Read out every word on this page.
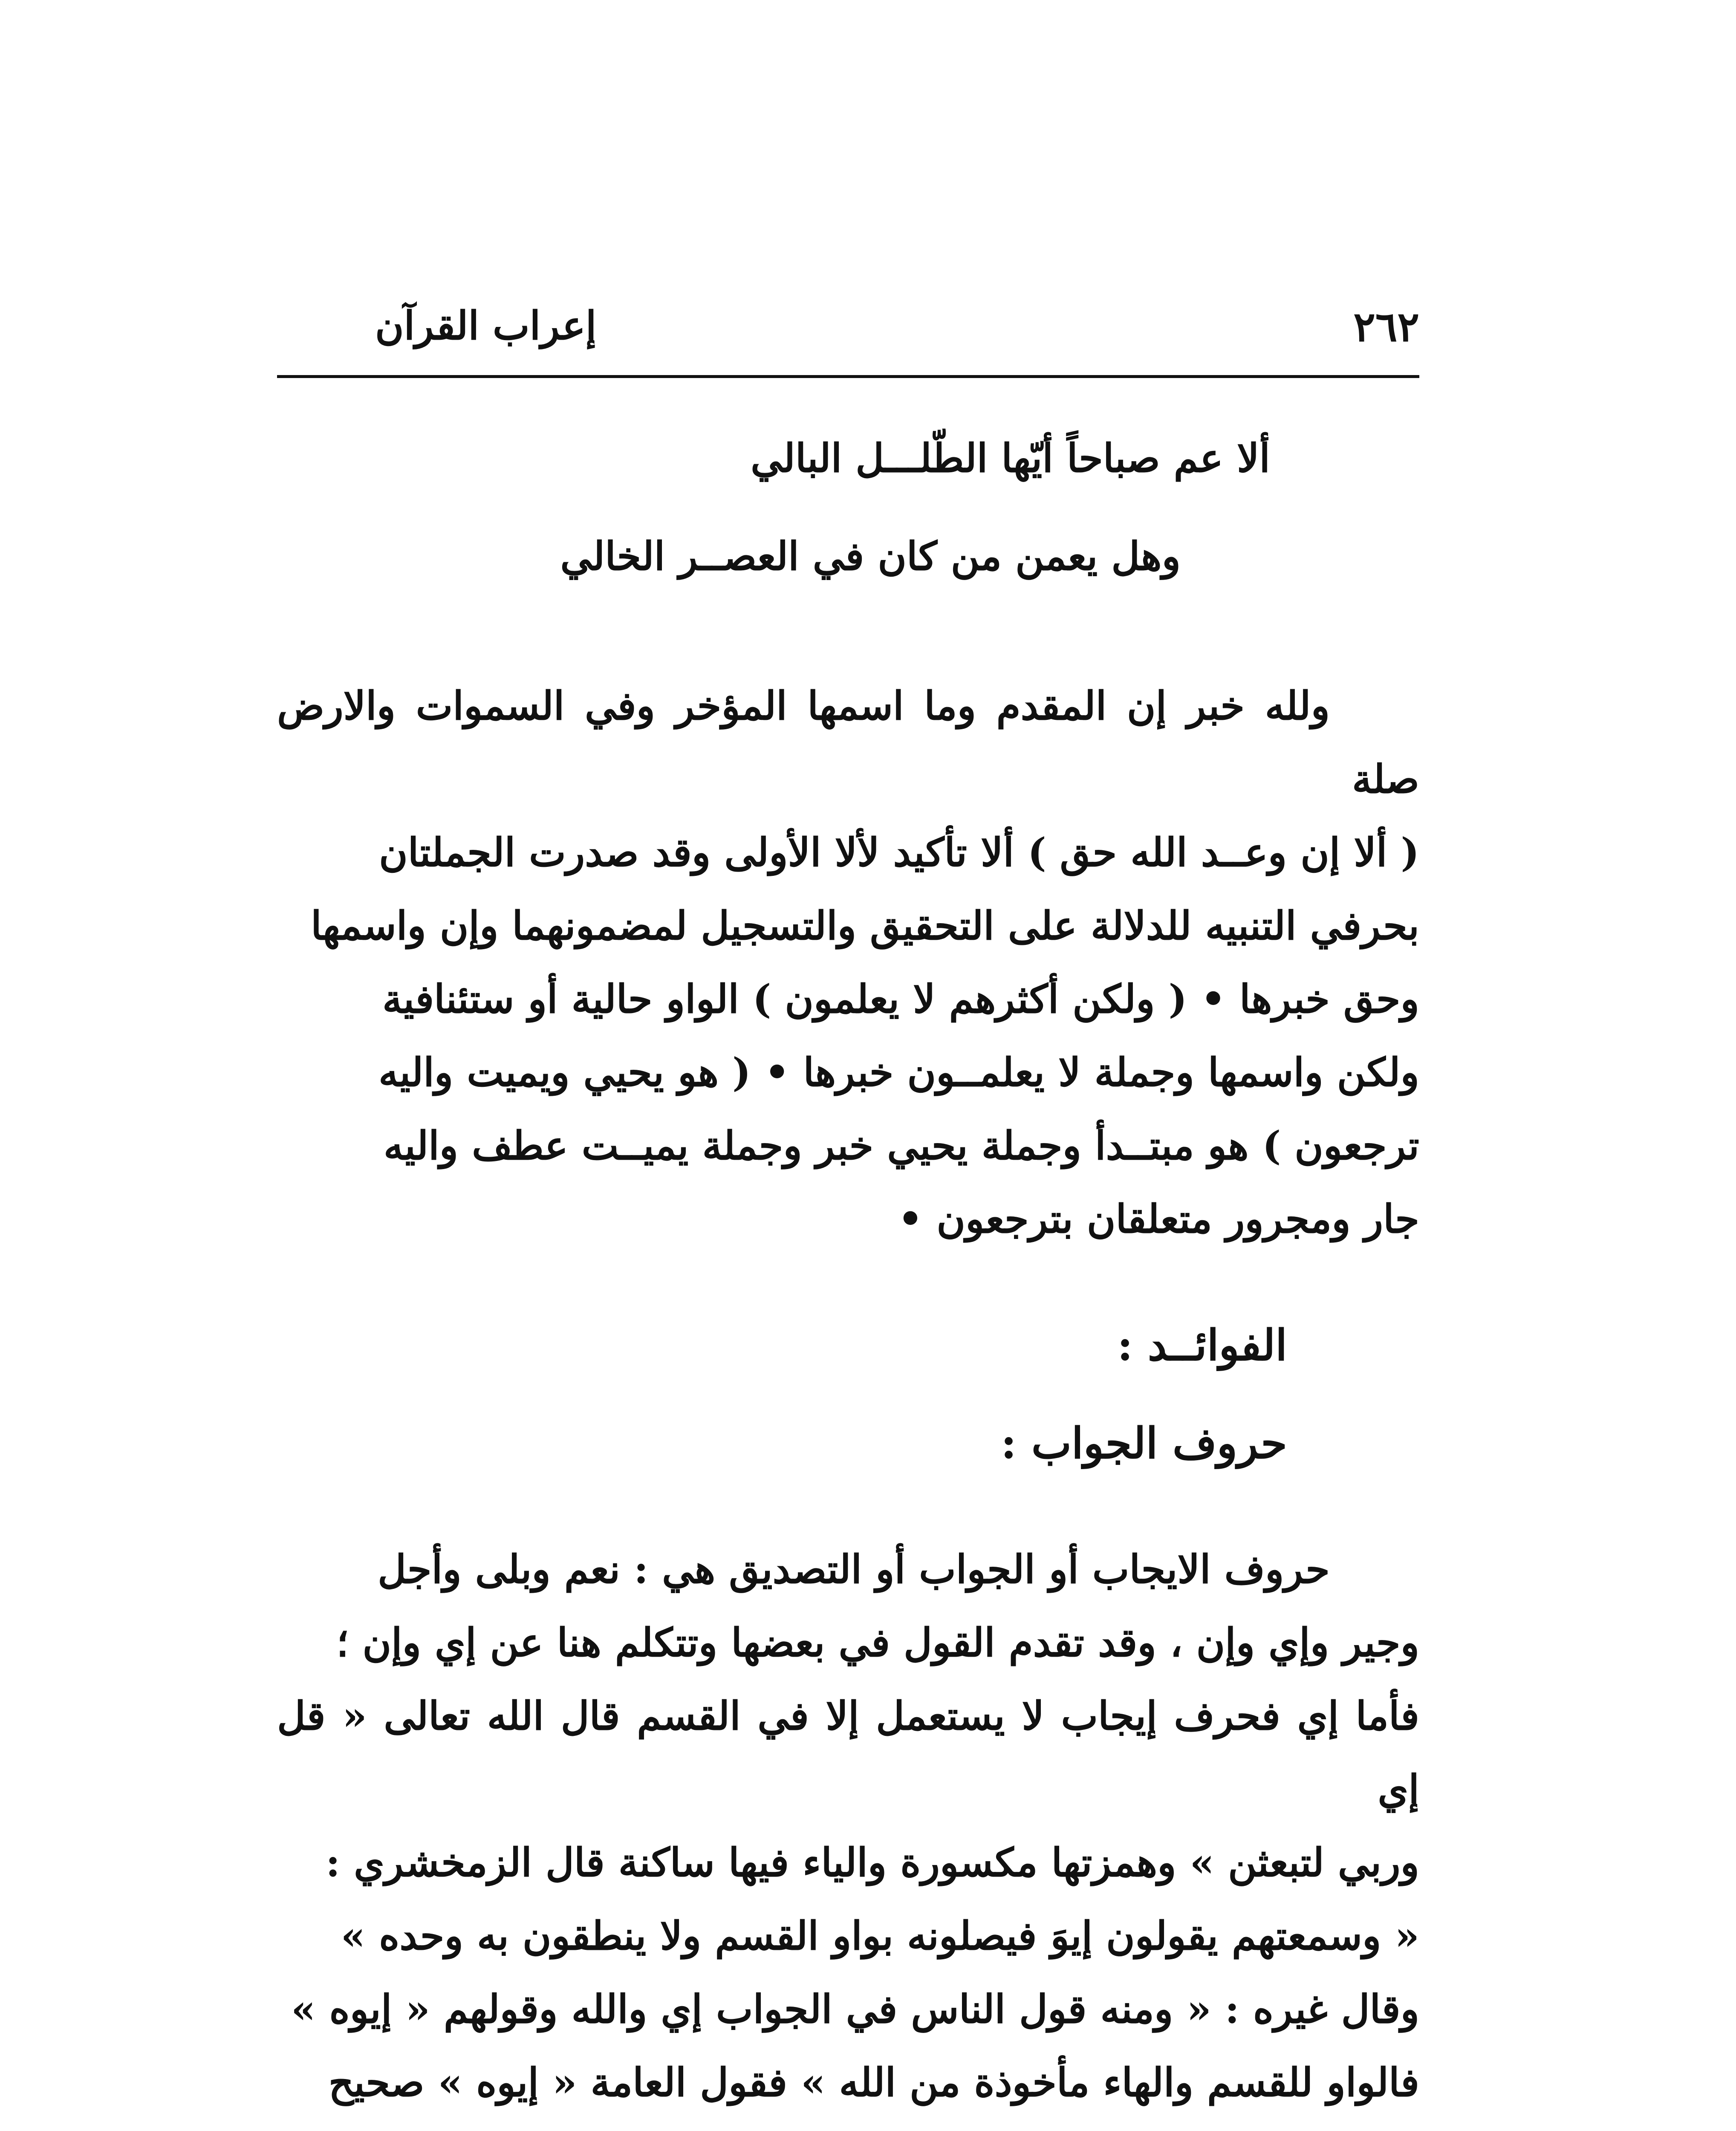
٢٦٢
إعراب القرآن

ألا عم صباحاً أيّها الطّلـــل البالي

وهل يعمن من كان في العصــر الخالي

ولله خبر إن المقدم وما اسمها المؤخر وفي السموات والارض صلة

( ألا إن وعــد الله حق ) ألا تأكيد لألا الأولى وقد صدرت الجملتان

بحرفي التنبيه للدلالة على التحقيق والتسجيل لمضمونهما وإن واسمها

وحق خبرها • ( ولكن أكثرهم لا يعلمون ) الواو حالية أو ستئنافية

ولكن واسمها وجملة لا يعلمــون خبرها • ( هو يحيي ويميت واليه

ترجعون ) هو مبتــدأ وجملة يحيي خبر وجملة يميــت عطف واليه

جار ومجرور متعلقان بترجعون •

الفوائــد :
حروف الجواب :

حروف الايجاب أو الجواب أو التصديق هي : نعم وبلى وأجل

وجير وإي وإن ، وقد تقدم القول في بعضها وتتكلم هنا عن إي وإن ؛

فأما إي فحرف إيجاب لا يستعمل إلا في القسم قال الله تعالى « قل إي

وربي لتبعثن » وهمزتها مكسورة والياء فيها ساكنة قال الزمخشري :

« وسمعتهم يقولون إيوَ فيصلونه بواو القسم ولا ينطقون به وحده »

وقال غيره : « ومنه قول الناس في الجواب إي والله وقولهم « إيوه »

فالواو للقسم والهاء مأخوذة من الله » فقول العامة « إيوه » صحيح
